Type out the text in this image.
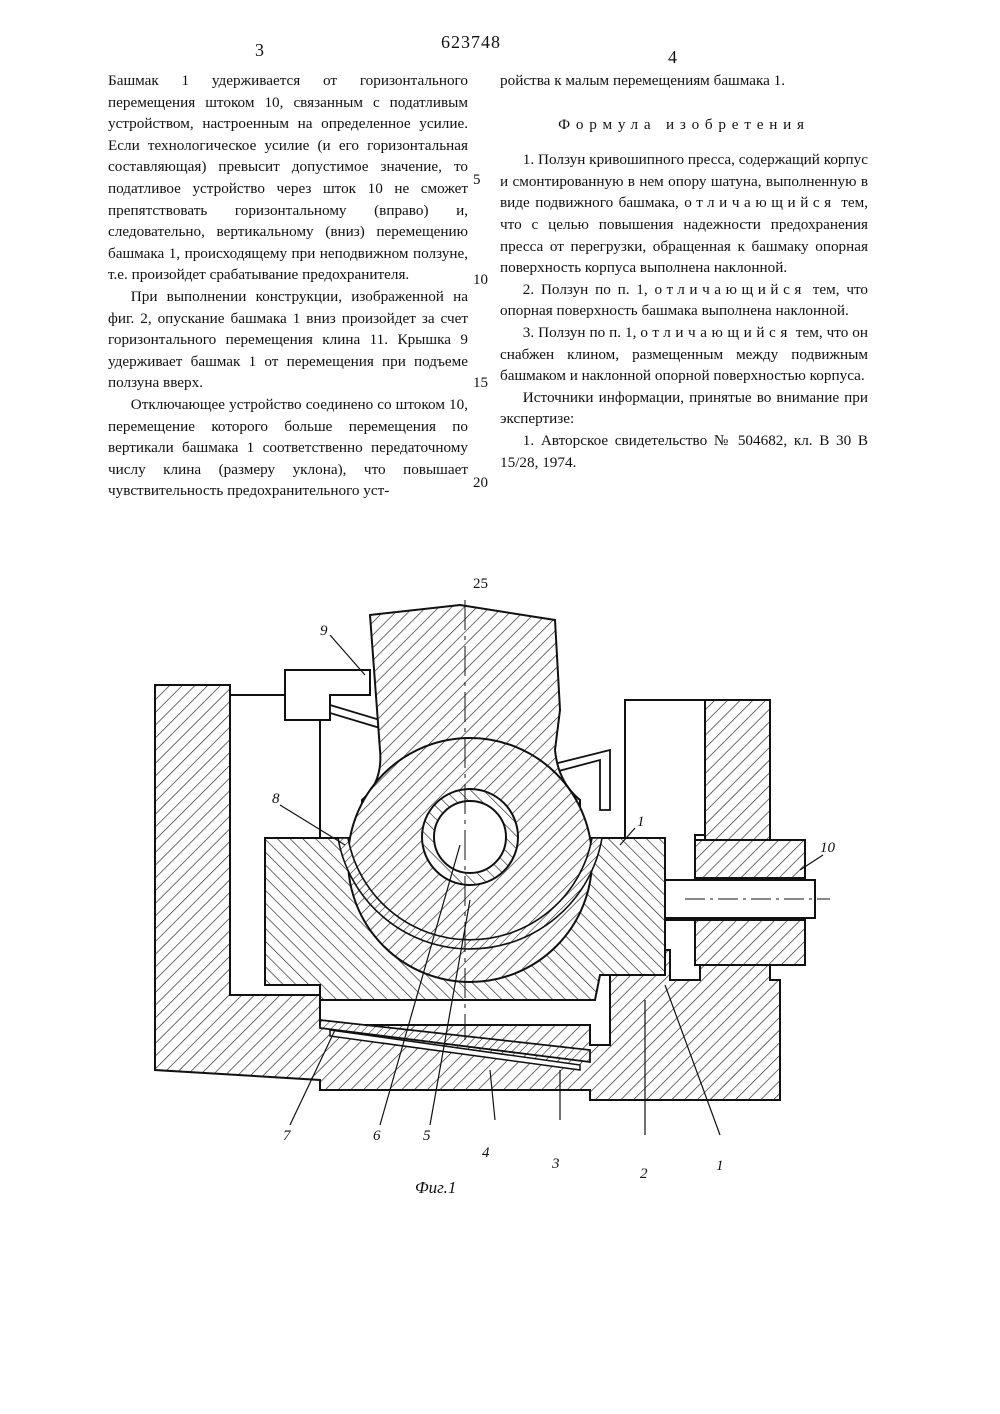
3	623748
4

Башмак 1 удерживается от горизонтального перемещения штоком 10, связанным с податливым устройством, настроенным на определенное усилие. Если технологическое усилие (и его горизонтальная составляющая) превысит допустимое значение, то податливое устройство через шток 10 не сможет препятствовать горизонтальному (вправо) и, следовательно, вертикальному (вниз) перемещению башмака 1, происходящему при неподвижном ползуне, т.е. произойдет срабатывание предохранителя.

При выполнении конструкции, изображенной на фиг. 2, опускание башмака 1 вниз произойдет за счет горизонтального перемещения клина 11. Крышка 9 удерживает башмак 1 от перемещения при подъеме ползуна вверх.

Отключающее устройство соединено со штоком 10, перемещение которого больше перемещения по вертикали башмака 1 соответственно передаточному числу клина (размеру уклона), что повышает чувствительность предохранительного уст-

5
10
15
20
25

ройства к малым перемещениям башмака 1.

Формула изобретения

1. Ползун кривошипного пресса, содержащий корпус и смонтированную в нем опору шатуна, выполненную в виде подвижного башмака, отличающийся тем, что с целью повышения надежности предохранения пресса от перегрузки, обращенная к башмаку опорная поверхность корпуса выполнена наклонной.

2. Ползун по п. 1, отличающийся тем, что опорная поверхность башмака выполнена наклонной.

3. Ползун по п. 1, отличающийся тем, что он снабжен клином, размещенным между подвижным башмаком и наклонной опорной поверхностью корпуса.

Источники информации, принятые во внимание при экспертизе:

1. Авторское свидетельство № 504682, кл. В 30 В 15/28, 1974.

9
8
1
10
7	6	5
4
3
2	1
Фиг.1
